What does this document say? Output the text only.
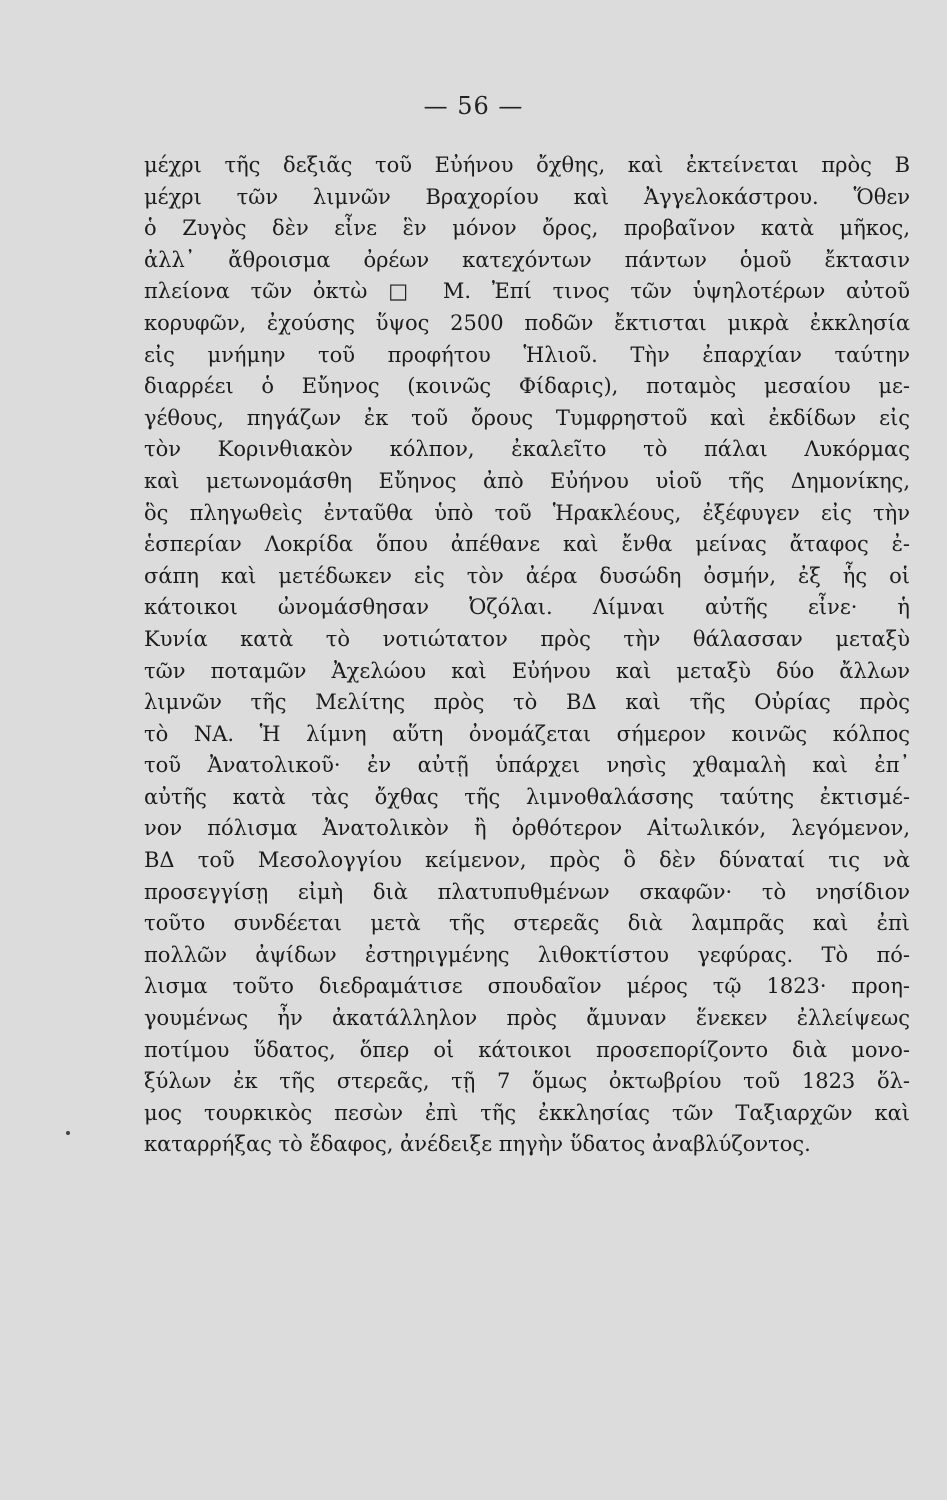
— 56 —
μέχρι τῆς δεξιᾶς τοῦ Εὐήνου ὄχθης, καὶ ἐκτείνεται πρὸς Β
μέχρι τῶν λιμνῶν Βραχορίου καὶ Ἀγγελοκάστρου. Ὅθεν
ὁ Ζυγὸς δὲν εἶνε ἓν μόνον ὄρος, προβαῖνον κατὰ μῆκος,
ἀλλ᾽ ἄθροισμα ὀρέων κατεχόντων πάντων ὁμοῦ ἔκτασιν
πλείονα τῶν ὀκτὼ □ Μ. Ἐπί τινος τῶν ὑψηλοτέρων αὐτοῦ
κορυφῶν, ἐχούσης ὕψος 2500 ποδῶν ἔκτισται μικρὰ ἐκκλησία
εἰς μνήμην τοῦ προφήτου Ἡλιοῦ. Τὴν ἐπαρχίαν ταύτην
διαρρέει ὁ Εὔηνος (κοινῶς Φίδαρις), ποταμὸς μεσαίου με-
γέθους, πηγάζων ἐκ τοῦ ὄρους Τυμφρηστοῦ καὶ ἐκδίδων εἰς
τὸν Κορινθιακὸν κόλπον, ἐκαλεῖτο τὸ πάλαι Λυκόρμας
καὶ μετωνομάσθη Εὔηνος ἀπὸ Εὐήνου υἱοῦ τῆς Δημονίκης,
ὃς πληγωθεὶς ἐνταῦθα ὑπὸ τοῦ Ἡρακλέους, ἐξέφυγεν εἰς τὴν
ἑσπερίαν Λοκρίδα ὅπου ἀπέθανε καὶ ἔνθα μείνας ἄταφος ἐ-
σάπη καὶ μετέδωκεν εἰς τὸν ἀέρα δυσώδη ὀσμήν, ἐξ ἧς οἱ
κάτοικοι ὠνομάσθησαν Ὀζόλαι. Λίμναι αὐτῆς εἶνε· ἡ
Κυνία κατὰ τὸ νοτιώτατον πρὸς τὴν θάλασσαν μεταξὺ
τῶν ποταμῶν Ἀχελώου καὶ Εὐήνου καὶ μεταξὺ δύο ἄλλων
λιμνῶν τῆς Μελίτης πρὸς τὸ ΒΔ καὶ τῆς Οὐρίας πρὸς
τὸ ΝΑ. Ἡ λίμνη αὕτη ὀνομάζεται σήμερον κοινῶς κόλπος
τοῦ Ἀνατολικοῦ· ἐν αὐτῇ ὑπάρχει νησὶς χθαμαλὴ καὶ ἐπ᾽
αὐτῆς κατὰ τὰς ὄχθας τῆς λιμνοθαλάσσης ταύτης ἐκτισμέ-
νον πόλισμα Ἀνατολικὸν ἢ ὀρθότερον Αἰτωλικόν, λεγόμενον,
ΒΔ τοῦ Μεσολογγίου κείμενον, πρὸς ὃ δὲν δύναταί τις νὰ
προσεγγίσῃ εἰμὴ διὰ πλατυπυθμένων σκαφῶν· τὸ νησίδιον
τοῦτο συνδέεται μετὰ τῆς στερεᾶς διὰ λαμπρᾶς καὶ ἐπὶ
πολλῶν ἀψίδων ἐστηριγμένης λιθοκτίστου γεφύρας. Τὸ πό-
λισμα τοῦτο διεδραμάτισε σπουδαῖον μέρος τῷ 1823· προη-
γουμένως ἦν ἀκατάλληλον πρὸς ἄμυναν ἕνεκεν ἐλλείψεως
ποτίμου ὕδατος, ὅπερ οἱ κάτοικοι προσεπορίζοντο διὰ μονο-
ξύλων ἐκ τῆς στερεᾶς, τῇ 7 ὅμως ὀκτωβρίου τοῦ 1823 ὅλ-
μος τουρκικὸς πεσὼν ἐπὶ τῆς ἐκκλησίας τῶν Ταξιαρχῶν καὶ
καταρρήξας τὸ ἔδαφος, ἀνέδειξε πηγὴν ὕδατος ἀναβλύζοντος.
